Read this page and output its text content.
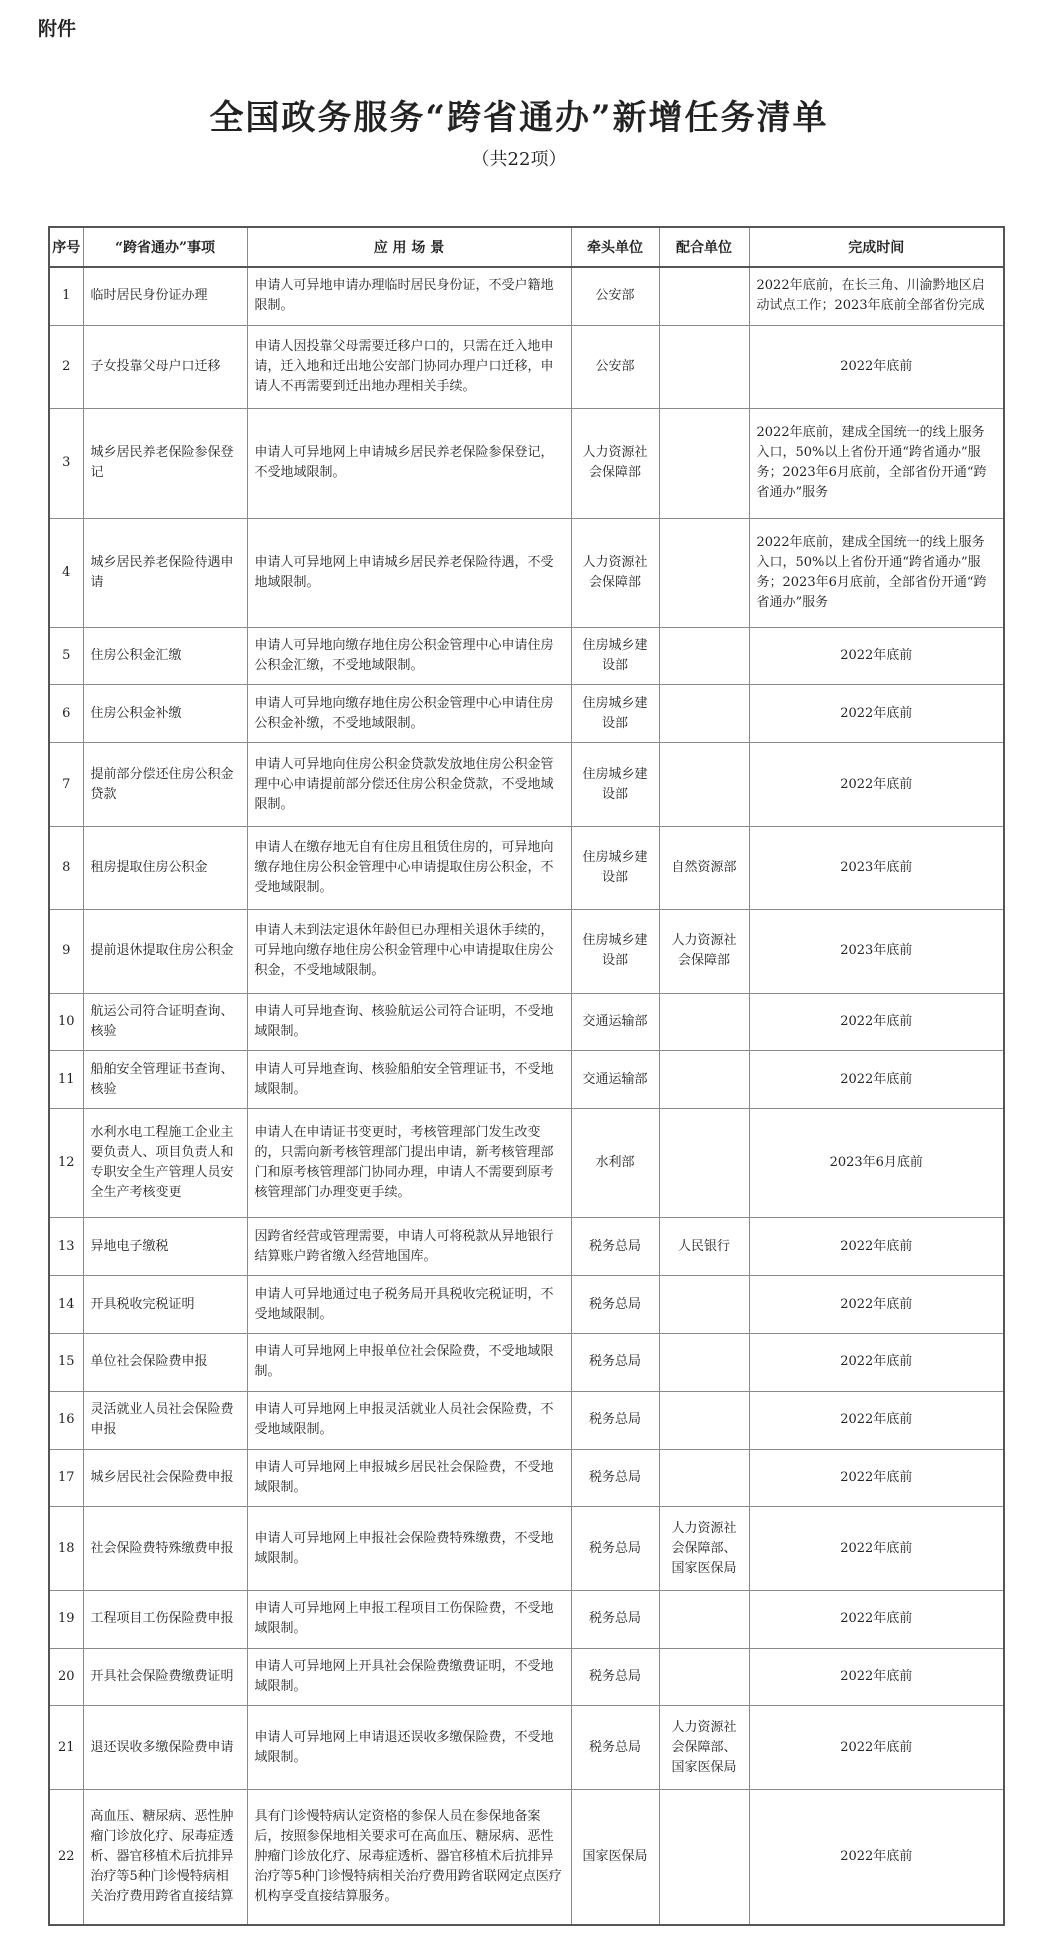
附件
全国政务服务“跨省通办”新增任务清单
（共22项）
序号	“跨省通办”事项	应 用 场 景	牵头单位	配合单位	完成时间
1	临时居民身份证办理	申请人可异地申请办理临时居民身份证，不受户籍地限制。	公安部		2022年底前，在长三角、川渝黔地区启动试点工作；2023年底前全部省份完成
2	子女投靠父母户口迁移	申请人因投靠父母需要迁移户口的，只需在迁入地申请，迁入地和迁出地公安部门协同办理户口迁移，申请人不再需要到迁出地办理相关手续。	公安部		2022年底前
3	城乡居民养老保险参保登记	申请人可异地网上申请城乡居民养老保险参保登记，不受地域限制。	人力资源社会保障部		2022年底前，建成全国统一的线上服务入口，50%以上省份开通“跨省通办”服务；2023年6月底前，全部省份开通“跨省通办”服务
4	城乡居民养老保险待遇申请	申请人可异地网上申请城乡居民养老保险待遇，不受地域限制。	人力资源社会保障部		2022年底前，建成全国统一的线上服务入口，50%以上省份开通“跨省通办”服务；2023年6月底前，全部省份开通“跨省通办”服务
5	住房公积金汇缴	申请人可异地向缴存地住房公积金管理中心申请住房公积金汇缴，不受地域限制。	住房城乡建设部		2022年底前
6	住房公积金补缴	申请人可异地向缴存地住房公积金管理中心申请住房公积金补缴，不受地域限制。	住房城乡建设部		2022年底前
7	提前部分偿还住房公积金贷款	申请人可异地向住房公积金贷款发放地住房公积金管理中心申请提前部分偿还住房公积金贷款，不受地域限制。	住房城乡建设部		2022年底前
8	租房提取住房公积金	申请人在缴存地无自有住房且租赁住房的，可异地向缴存地住房公积金管理中心申请提取住房公积金，不受地域限制。	住房城乡建设部	自然资源部	2023年底前
9	提前退休提取住房公积金	申请人未到法定退休年龄但已办理相关退休手续的，可异地向缴存地住房公积金管理中心申请提取住房公积金，不受地域限制。	住房城乡建设部	人力资源社会保障部	2023年底前
10	航运公司符合证明查询、核验	申请人可异地查询、核验航运公司符合证明，不受地域限制。	交通运输部		2022年底前
11	船舶安全管理证书查询、核验	申请人可异地查询、核验船舶安全管理证书，不受地域限制。	交通运输部		2022年底前
12	水利水电工程施工企业主要负责人、项目负责人和专职安全生产管理人员安全生产考核变更	申请人在申请证书变更时，考核管理部门发生改变的，只需向新考核管理部门提出申请，新考核管理部门和原考核管理部门协同办理，申请人不需要到原考核管理部门办理变更手续。	水利部		2023年6月底前
13	异地电子缴税	因跨省经营或管理需要，申请人可将税款从异地银行结算账户跨省缴入经营地国库。	税务总局	人民银行	2022年底前
14	开具税收完税证明	申请人可异地通过电子税务局开具税收完税证明，不受地域限制。	税务总局		2022年底前
15	单位社会保险费申报	申请人可异地网上申报单位社会保险费，不受地域限制。	税务总局		2022年底前
16	灵活就业人员社会保险费申报	申请人可异地网上申报灵活就业人员社会保险费，不受地域限制。	税务总局		2022年底前
17	城乡居民社会保险费申报	申请人可异地网上申报城乡居民社会保险费，不受地域限制。	税务总局		2022年底前
18	社会保险费特殊缴费申报	申请人可异地网上申报社会保险费特殊缴费，不受地域限制。	税务总局	人力资源社会保障部、国家医保局	2022年底前
19	工程项目工伤保险费申报	申请人可异地网上申报工程项目工伤保险费，不受地域限制。	税务总局		2022年底前
20	开具社会保险费缴费证明	申请人可异地网上开具社会保险费缴费证明，不受地域限制。	税务总局		2022年底前
21	退还误收多缴保险费申请	申请人可异地网上申请退还误收多缴保险费，不受地域限制。	税务总局	人力资源社会保障部、国家医保局	2022年底前
22	高血压、糖尿病、恶性肿瘤门诊放化疗、尿毒症透析、器官移植术后抗排异治疗等5种门诊慢特病相关治疗费用跨省直接结算	具有门诊慢特病认定资格的参保人员在参保地备案后，按照参保地相关要求可在高血压、糖尿病、恶性肿瘤门诊放化疗、尿毒症透析、器官移植术后抗排异治疗等5种门诊慢特病相关治疗费用跨省联网定点医疗机构享受直接结算服务。	国家医保局		2022年底前
